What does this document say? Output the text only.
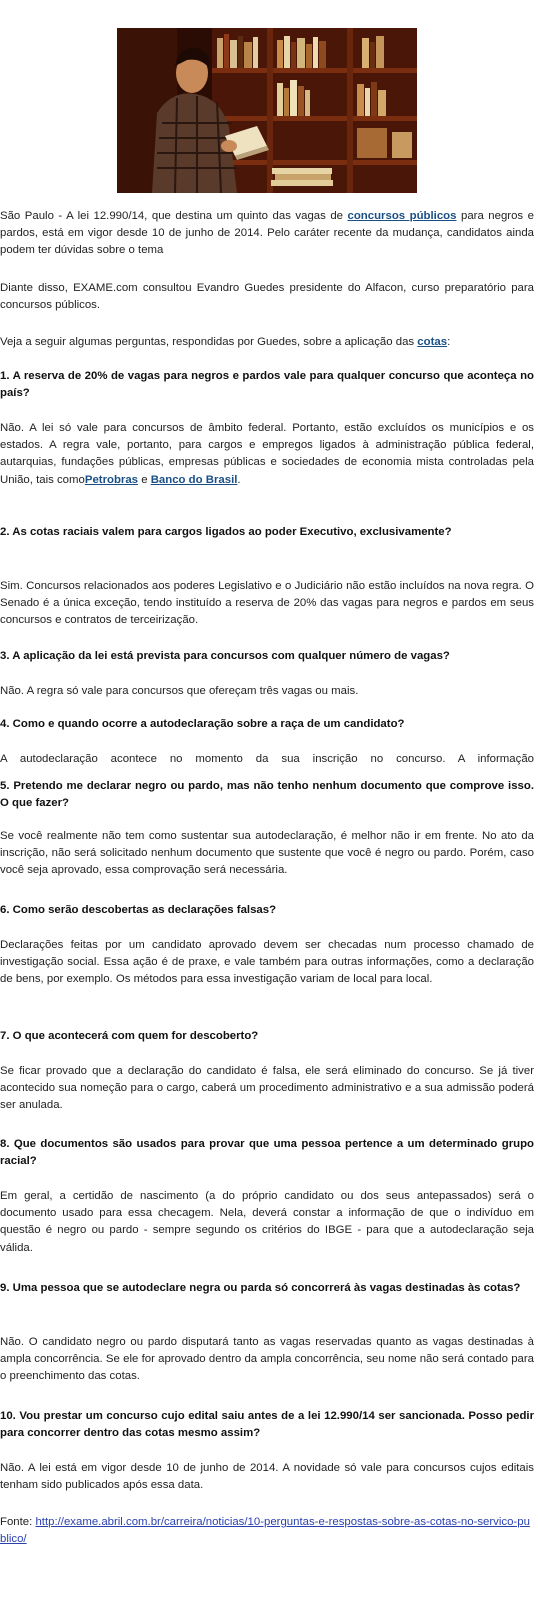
São Paulo - A lei 12.990/14, que destina um quinto das vagas de concursos públicos para negros e pardos, está em vigor desde 10 de junho de 2014. Pelo caráter recente da mudança, candidatos ainda podem ter dúvidas sobre o tema

Diante disso, EXAME.com consultou Evandro Guedes presidente do Alfacon, curso preparatório para concursos públicos.

Veja a seguir algumas perguntas, respondidas por Guedes, sobre a aplicação das cotas:

1. A reserva de 20% de vagas para negros e pardos vale para qualquer concurso que aconteça no país?

Não. A lei só vale para concursos de âmbito federal. Portanto, estão excluídos os municípios e os estados. A regra vale, portanto, para cargos e empregos ligados à administração pública federal, autarquias, fundações públicas, empresas públicas e sociedades de economia mista controladas pela União, tais comoPetrobras e Banco do Brasil.

2. As cotas raciais valem para cargos ligados ao poder Executivo, exclusivamente?

Sim. Concursos relacionados aos poderes Legislativo e o Judiciário não estão incluídos na nova regra. O Senado é a única exceção, tendo instituído a reserva de 20% das vagas para negros e pardos em seus concursos e contratos de terceirização.

3. A aplicação da lei está prevista para concursos com qualquer número de vagas?

Não. A regra só vale para concursos que ofereçam três vagas ou mais.

4. Como e quando ocorre a autodeclaração sobre a raça de um candidato?

A autodeclaração acontece no momento da sua inscrição no concurso. A informação

5. Pretendo me declarar negro ou pardo, mas não tenho nenhum documento que comprove isso. O que fazer?

Se você realmente não tem como sustentar sua autodeclaração, é melhor não ir em frente. No ato da inscrição, não será solicitado nenhum documento que sustente que você é negro ou pardo. Porém, caso você seja aprovado, essa comprovação será necessária.

6. Como serão descobertas as declarações falsas?

Declarações feitas por um candidato aprovado devem ser checadas num processo chamado de investigação social. Essa ação é de praxe, e vale também para outras informações, como a declaração de bens, por exemplo. Os métodos para essa investigação variam de local para local.

7. O que acontecerá com quem for descoberto?

Se ficar provado que a declaração do candidato é falsa, ele será eliminado do concurso. Se já tiver acontecido sua nomeção para o cargo, caberá um procedimento administrativo e a sua admissão poderá ser anulada.

8. Que documentos são usados para provar que uma pessoa pertence a um determinado grupo racial?

Em geral, a certidão de nascimento (a do próprio candidato ou dos seus antepassados) será o documento usado para essa checagem. Nela, deverá constar a informação de que o indivíduo em questão é negro ou pardo - sempre segundo os critérios do IBGE - para que a autodeclaração seja válida.

9. Uma pessoa que se autodeclare negra ou parda só concorrerá às vagas destinadas às cotas?

Não. O candidato negro ou pardo disputará tanto as vagas reservadas quanto as vagas destinadas à ampla concorrência. Se ele for aprovado dentro da ampla concorrência, seu nome não será contado para o preenchimento das cotas.

10. Vou prestar um concurso cujo edital saiu antes de a lei 12.990/14 ser sancionada. Posso pedir para concorrer dentro das cotas mesmo assim?

Não. A lei está em vigor desde 10 de junho de 2014. A novidade só vale para concursos cujos editais tenham sido publicados após essa data.

Fonte: http://exame.abril.com.br/carreira/noticias/10-perguntas-e-respostas-sobre-as-cotas-no-servico-publico/
